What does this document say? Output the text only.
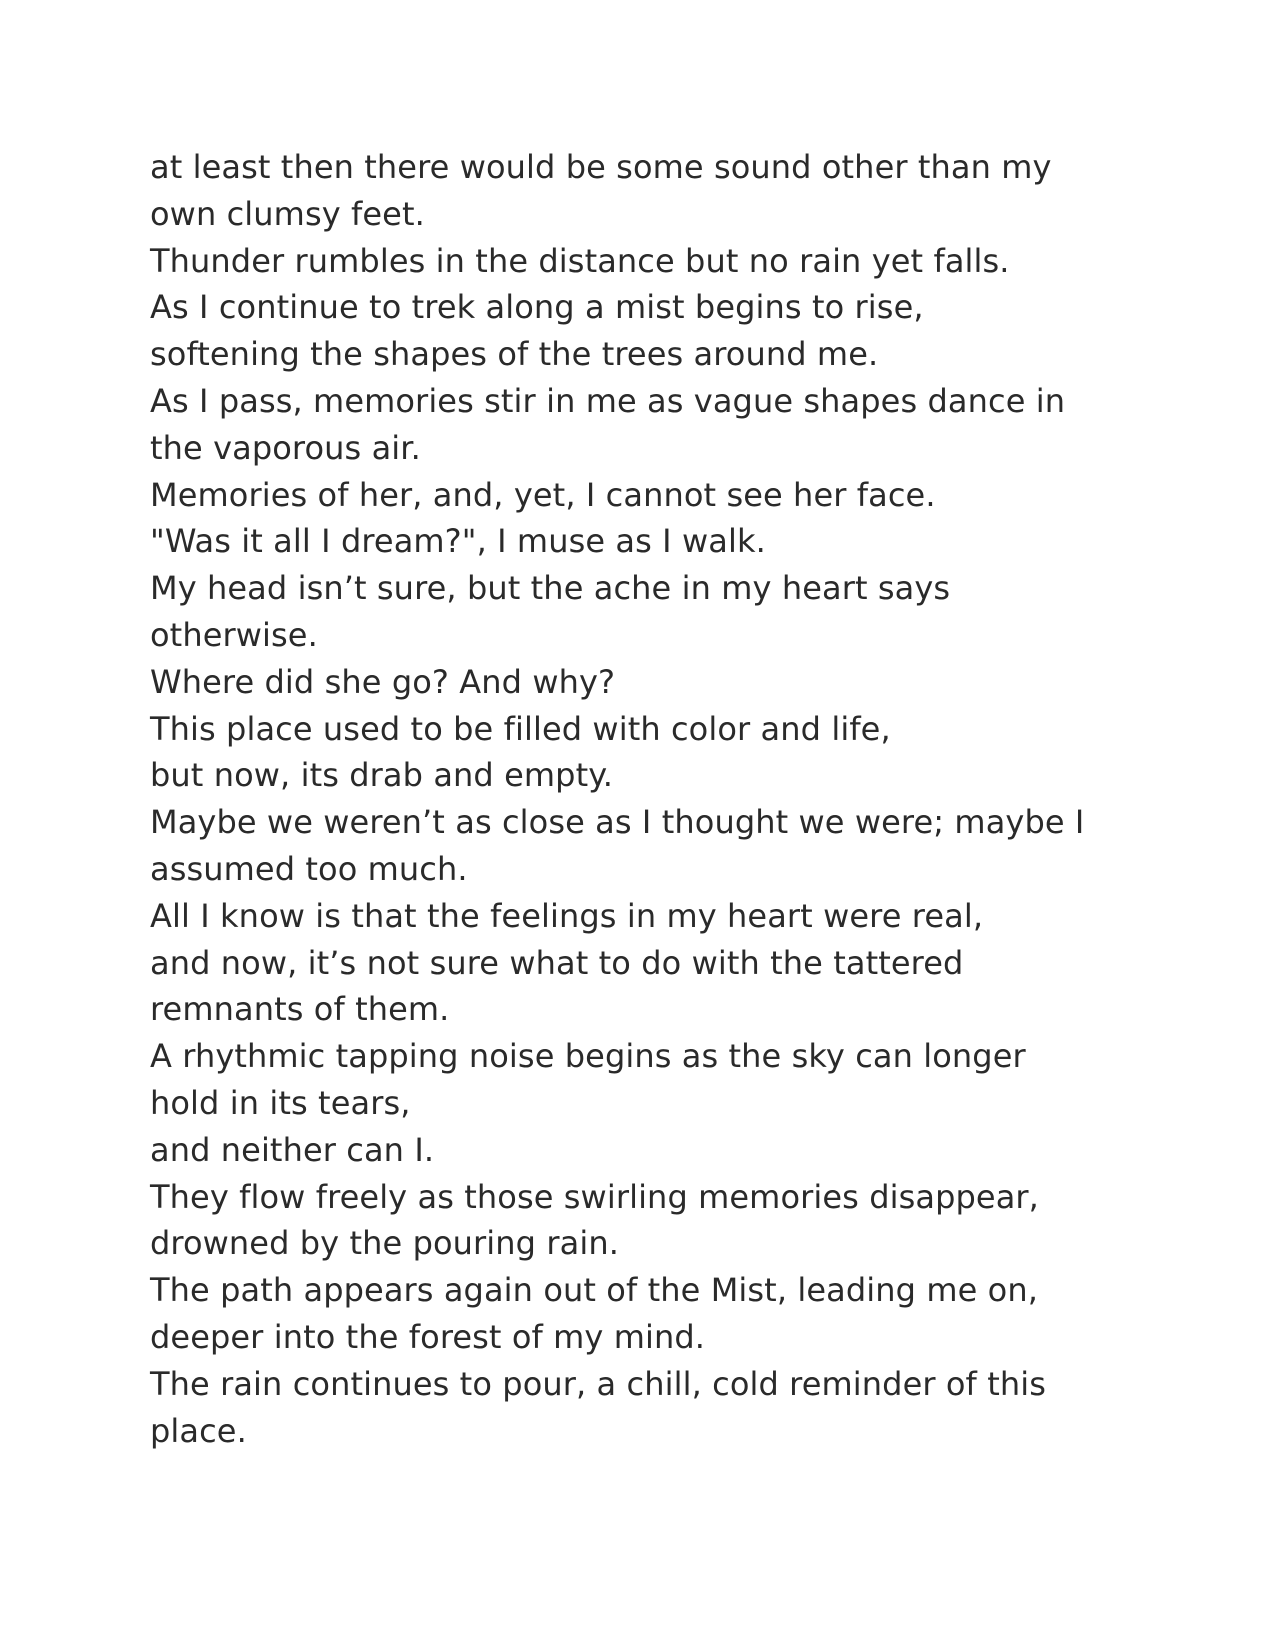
at least then there would be some sound other than my
own clumsy feet.
Thunder rumbles in the distance but no rain yet falls.
As I continue to trek along a mist begins to rise,
softening the shapes of the trees around me.
As I pass, memories stir in me as vague shapes dance in
the vaporous air.
Memories of her, and, yet, I cannot see her face.
"Was it all I dream?", I muse as I walk.
My head isn’t sure, but the ache in my heart says
otherwise.
Where did she go? And why?
This place used to be filled with color and life,
but now, its drab and empty.
Maybe we weren’t as close as I thought we were; maybe I
assumed too much.
All I know is that the feelings in my heart were real,
and now, it’s not sure what to do with the tattered
remnants of them.
A rhythmic tapping noise begins as the sky can longer
hold in its tears,
and neither can I.
They flow freely as those swirling memories disappear,
drowned by the pouring rain.
The path appears again out of the Mist, leading me on,
deeper into the forest of my mind.
The rain continues to pour, a chill, cold reminder of this
place.
